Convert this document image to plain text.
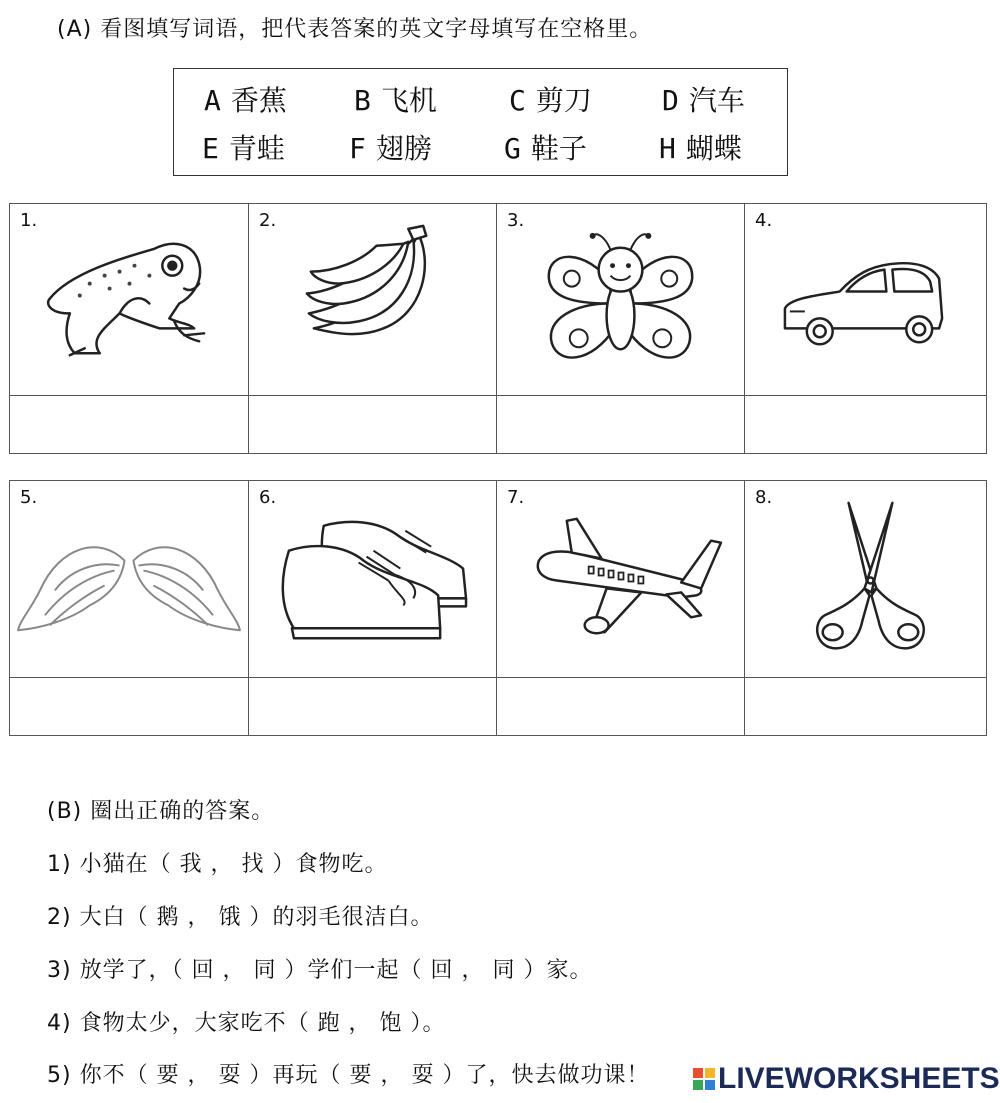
(A) 看图填写词语，把代表答案的英文字母填写在空格里。
A 香蕉 B 飞机	C 剪刀	D 汽车
E 青蛙 F 翅膀	G 鞋子	H 蝴蝶
1.	2.	3.	4.

5.	6.	7.	8.

(B) 圈出正确的答案。
1) 小猫在（ 我 ， 找 ）食物吃。
2) 大白（ 鹅 ， 饿 ）的羽毛很洁白。
3) 放学了，（ 回 ， 同 ）学们一起（ 回 ， 同 ）家。
4) 食物太少，大家吃不（ 跑 ， 饱 ）。
5) 你不（ 要 ， 耍 ）再玩（ 要 ， 耍 ）了，快去做功课！	LIVEWORKSHEETS
